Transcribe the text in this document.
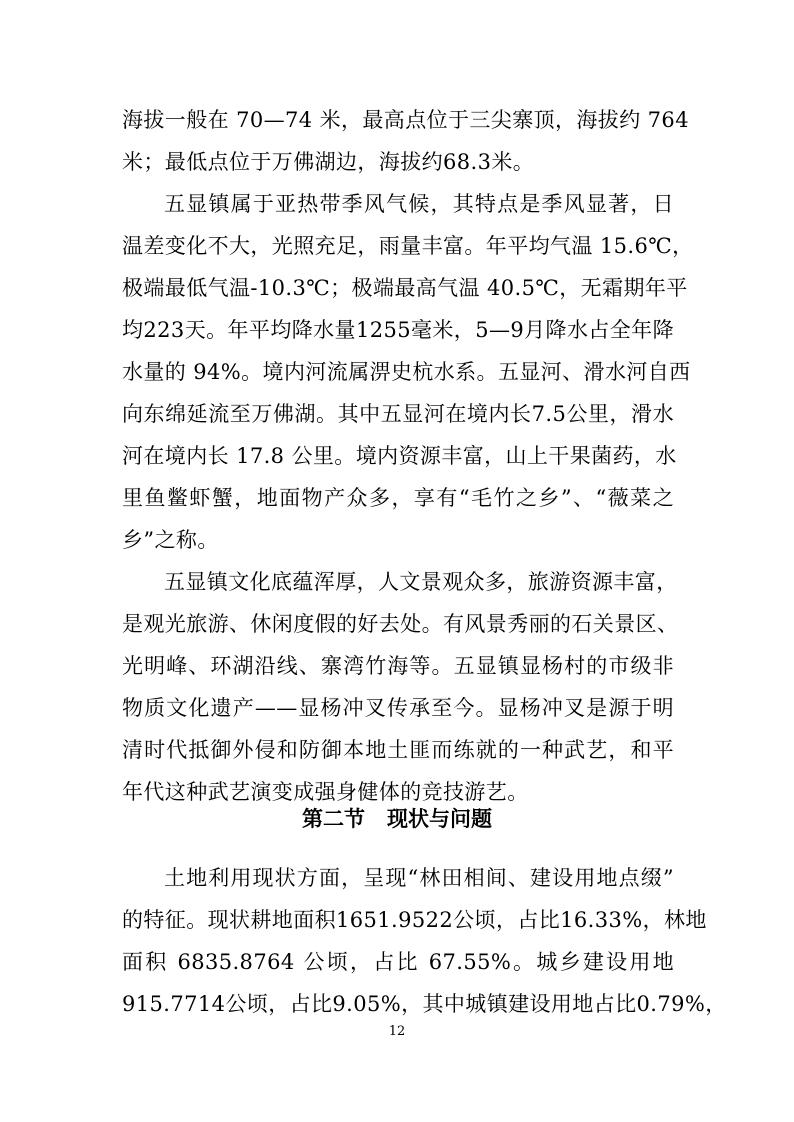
海拔一般在 70—74 米，最高点位于三尖寨顶，海拔约 764
米；最低点位于万佛湖边，海拔约68.3米。
五显镇属于亚热带季风气候，其特点是季风显著，日
温差变化不大，光照充足，雨量丰富。年平均气温 15.6℃，
极端最低气温-10.3℃；极端最高气温 40.5℃，无霜期年平
均223天。年平均降水量1255毫米，5—9月降水占全年降
水量的 94%。境内河流属淠史杭水系。五显河、滑水河自西
向东绵延流至万佛湖。其中五显河在境内长7.5公里，滑水
河在境内长 17.8 公里。境内资源丰富，山上干果菌药，水
里鱼鳖虾蟹，地面物产众多，享有“毛竹之乡”、“薇菜之
乡”之称。
五显镇文化底蕴浑厚，人文景观众多，旅游资源丰富，
是观光旅游、休闲度假的好去处。有风景秀丽的石关景区、
光明峰、环湖沿线、寨湾竹海等。五显镇显杨村的市级非
物质文化遗产——显杨冲叉传承至今。显杨冲叉是源于明
清时代抵御外侵和防御本地土匪而练就的一种武艺，和平
年代这种武艺演变成强身健体的竞技游艺。
第二节   现状与问题
土地利用现状方面，呈现“林田相间、建设用地点缀”
的特征。现状耕地面积1651.9522公顷，占比16.33%，林地
面积 6835.8764 公顷，占比 67.55%。城乡建设用地
915.7714公顷，占比9.05%，其中城镇建设用地占比0.79%，
12
